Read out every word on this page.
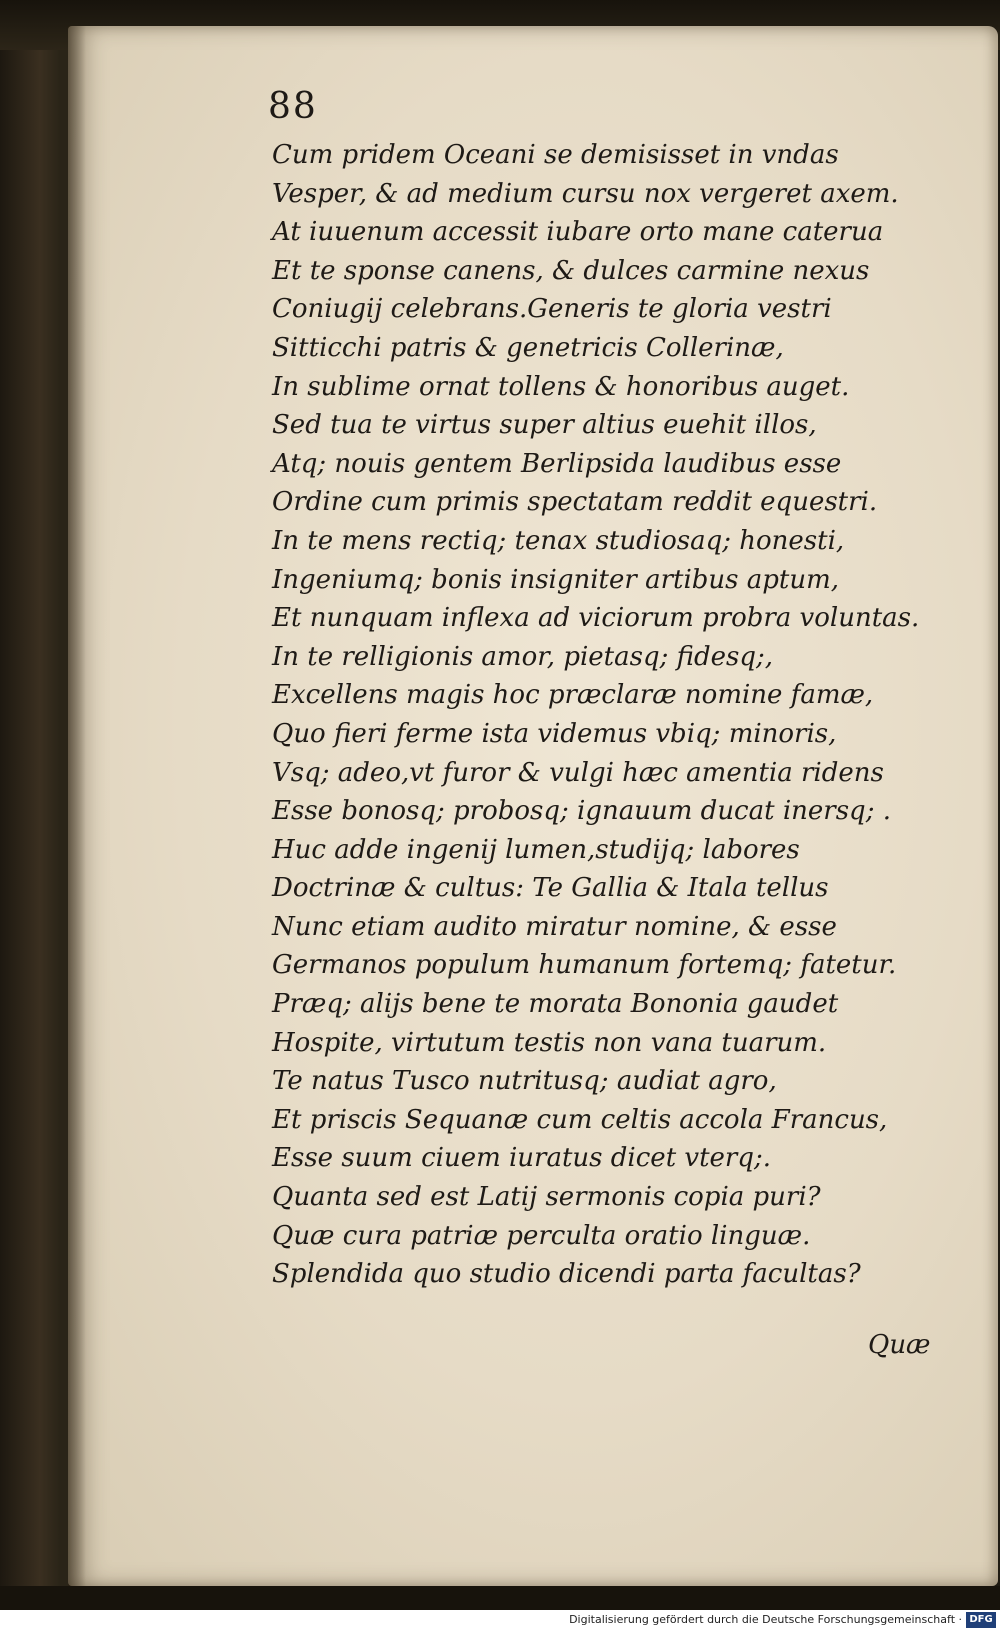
88
Cum pridem Oceani se demisisset in vndas
Vesper, & ad medium cursu nox vergeret axem.
At iuuenum accessit iubare orto mane caterua
Et te sponse canens, & dulces carmine nexus
Coniugij celebrans.Generis te gloria vestri
Sitticchi patris & genetricis Collerinæ,
In sublime ornat tollens & honoribus auget.
Sed tua te virtus super altius euehit illos,
Atq; nouis gentem Berlipsida laudibus esse
Ordine cum primis spectatam reddit equestri.
In te mens rectiq; tenax studiosaq; honesti,
Ingeniumq; bonis insigniter artibus aptum,
Et nunquam inflexa ad viciorum probra voluntas.
In te relligionis amor, pietasq; fidesq;,
Excellens magis hoc præclaræ nomine famæ,
Quo fieri ferme ista videmus vbiq; minoris,
Vsq; adeo,vt furor & vulgi hæc amentia ridens
Esse bonosq; probosq; ignauum ducat inersq; .
Huc adde ingenij lumen,studijq; labores
Doctrinæ & cultus: Te Gallia & Itala tellus
Nunc etiam audito miratur nomine, & esse
Germanos populum humanum fortemq; fatetur.
Præq; alijs bene te morata Bononia gaudet
Hospite, virtutum testis non vana tuarum.
Te natus Tusco nutritusq; audiat agro,
Et priscis Sequanæ cum celtis accola Francus,
Esse suum ciuem iuratus dicet vterq;.
Quanta sed est Latij sermonis copia puri?
Quæ cura patriæ perculta oratio linguæ.
Splendida quo studio dicendi parta facultas?
Quæ
Digitalisierung gefördert durch die Deutsche Forschungsgemeinschaft · DFG
